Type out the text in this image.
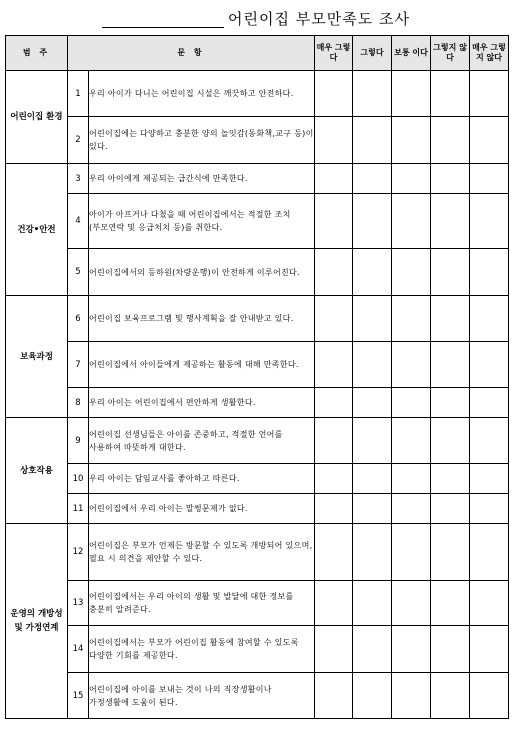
어린이집 부모만족도 조사
범 주	문 항		매우 그렇다	그렇다	보통 이다	그렇지 않다	매우 그렇지 않다
어린이집 환경	1	우리 아이가 다니는 어린이집 시설은 깨끗하고 안전하다.					
	2	어린이집에는 다양하고 충분한 양의 놀잇감(동화책,교구 등)이 있다.					
건강•안전	3	우리 아이에게 제공되는 급간식에 만족한다.					
	4	아이가 아프거나 다쳤을 때 어린이집에서는 적절한 조치(부모연락 및 응급처치 등)를 취한다.					
	5	어린이집에서의 등하원(차량운행)이 안전하게 이루어진다.					
보육과정	6	어린이집 보육프로그램 및 행사계획을 잘 안내받고 있다.					
	7	어린이집에서 아이들에게 제공하는 활동에 대해 만족한다.					
	8	우리 아이는 어린이집에서 편안하게 생활한다.					
상호작용	9	어린이집 선생님들은 아이를 존중하고, 적절한 언어를 사용하여 따뜻하게 대한다.					
	10	우리 아이는 담임교사를 좋아하고 따른다.					
	11	어린이집에서 우리 아이는 말썽문제가 없다.					
운영의 개방성 및 가정연계	12	어린이집은 부모가 언제든 방문할 수 있도록 개방되어 있으며, 필요 시 의견을 제안할 수 있다.					
	13	어린이집에서는 우리 아이의 생활 및 발달에 대한 정보를 충분히 알려준다.					
	14	어린이집에서는 부모가 어린이집 활동에 참여할 수 있도록 다양한 기회를 제공한다.					
	15	어린이집에 아이를 보내는 것이 나의 직장생활이나 가정생활에 도움이 된다.					
